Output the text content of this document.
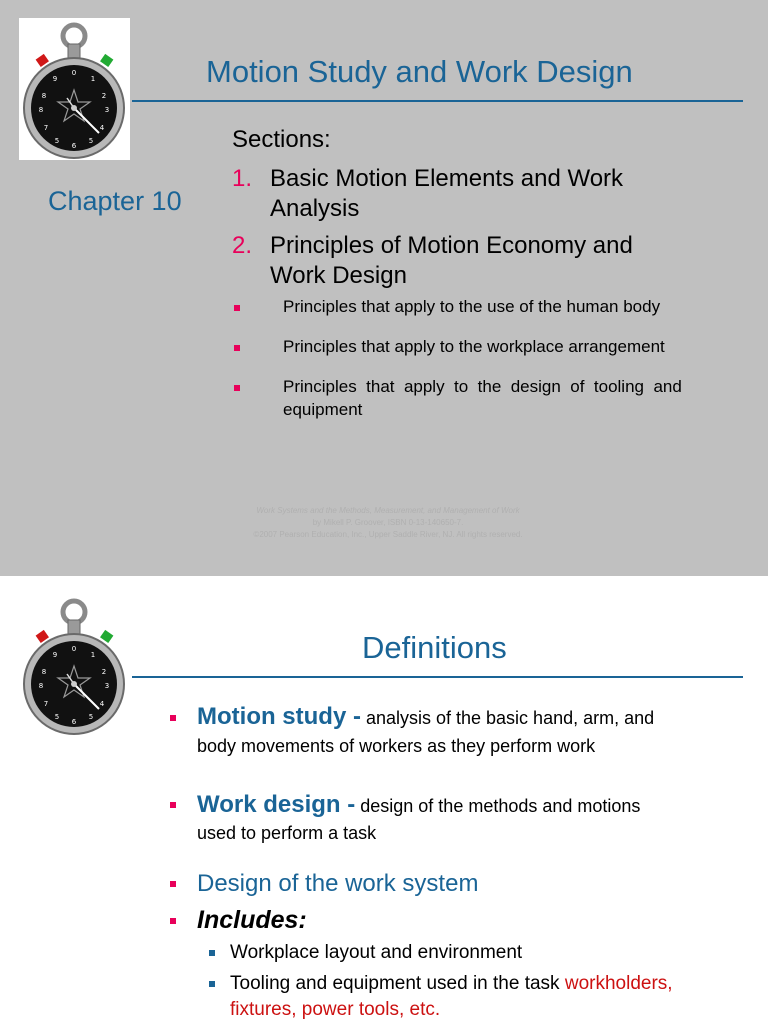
0
1
2
3
4
5
6
5
7
8
8
9	Motion Study and Work Design
Chapter 10
Sections:
1. Basic Motion Elements and Work
Analysis
2. Principles of Motion Economy and
Work Design
Principles that apply to the use of the human body
Principles that apply to the workplace arrangement
Principles  that  apply  to  the  design  of  tooling  and
equipment
Work Systems and the Methods, Measurement, and Management of Work
by Mikell P. Groover, ISBN 0-13-140650-7.
©2007 Pearson Education, Inc., Upper Saddle River, NJ. All rights reserved.
0
1
2
3
4
5
6
5
7
8
8
9	Definitions
Motion study - analysis of the basic hand, arm, and
body movements of workers as they perform work
Work design - design of the methods and motions
used to perform a task
Design of the work system
Includes:
Workplace layout and environment
Tooling and equipment used in the task workholders,
fixtures, power tools, etc.
